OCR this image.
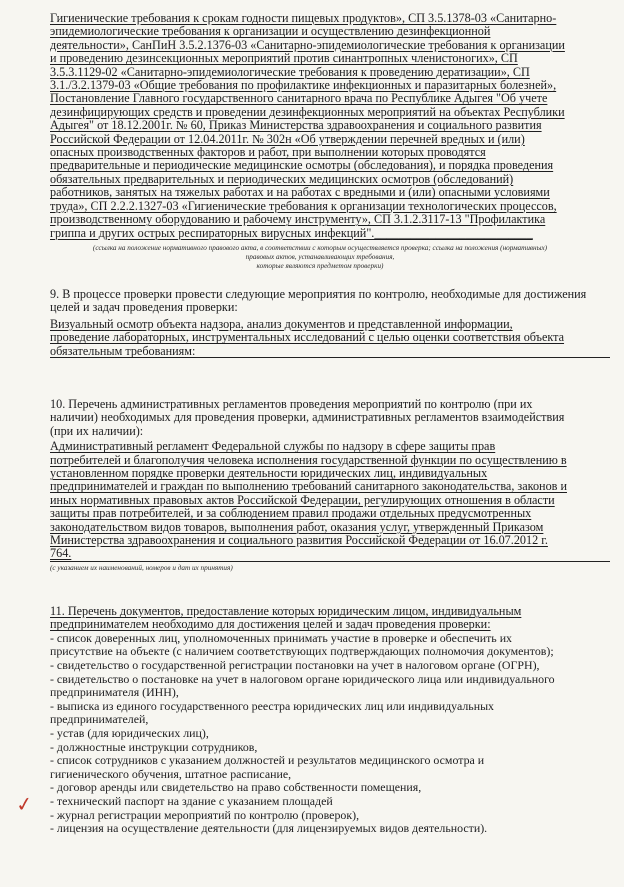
Гигиенические требования к срокам годности пищевых продуктов», СП 3.5.1378-03 «Санитарно-
эпидемиологические требования к организации и осуществлению дезинфекционной
деятельности», СанПиН 3.5.2.1376-03 «Санитарно-эпидемиологические требования к организации
и проведению дезинсекционных мероприятий против синантропных членистоногих», СП
3.5.3.1129-02 «Санитарно-эпидемиологические требования к проведению дератизации», СП
3.1./3.2.1379-03 «Общие требования по профилактике инфекционных и паразитарных болезней»,
Постановление Главного государственного санитарного врача по Республике Адыгея "Об учете
дезинфицирующих средств и проведении дезинфекционных мероприятий на объектах Республики
Адыгея" от 18.12.2001г. № 60, Приказ Министерства здравоохранения и социального развития
Российской Федерации от 12.04.2011г. № 302н «Об утверждении перечней вредных и (или)
опасных производственных факторов и работ, при выполнении которых проводятся
предварительные и периодические медицинские осмотры (обследования), и порядка проведения
обязательных предварительных и периодических медицинских осмотров (обследований)
работников, занятых на тяжелых работах и на работах с вредными и (или) опасными условиями
труда», СП 2.2.2.1327-03 «Гигиенические требования к организации технологических процессов,
производственному оборудованию и рабочему инструменту», СП 3.1.2.3117-13 "Профилактика
гриппа и других острых респираторных вирусных инфекций".__________________________
(ссылка на положение нормативного правового акта, в соответствии с которым осуществляется проверка; ссылка на положения (нормативных)
правовых актов, устанавливающих требования,
которые являются предметом проверки)
9. В процессе проверки провести следующие мероприятия по контролю, необходимые для достижения
целей и задач проведения проверки:
Визуальный осмотр объекта надзора, анализ документов и представленной информации,
проведение лабораторных, инструментальных исследований с целью оценки соответствия объекта
обязательным требованиям:
10. Перечень административных регламентов проведения мероприятий по контролю (при их
наличии) необходимых для проведения проверки, административных регламентов взаимодействия
(при их наличии):
Административный регламент Федеральной службы по надзору в сфере защиты прав
потребителей и благополучия человека исполнения государственной функции по осуществлению в
установленном порядке проверки деятельности юридических лиц, индивидуальных
предпринимателей и граждан по выполнению требований санитарного законодательства, законов и
иных нормативных правовых актов Российской Федерации, регулирующих отношения в области
защиты прав потребителей, и за соблюдением правил продажи отдельных предусмотренных
законодательством видов товаров, выполнения работ, оказания услуг, утвержденный Приказом
Министерства здравоохранения и социального развития Российской Федерации от 16.07.2012 г.
764.
(с указанием их наименований, номеров и дат их принятия)
11. Перечень документов, предоставление которых юридическим лицом, индивидуальным
предпринимателем необходимо для достижения целей и задач проведения проверки:
- список доверенных лиц, уполномоченных принимать участие в проверке и обеспечить их
присутствие на объекте (с наличием соответствующих подтверждающих полномочия документов);
- свидетельство о государственной регистрации постановки на учет в налоговом органе (ОГРН),
- свидетельство о постановке на учет в налоговом органе юридического лица или индивидуального
предпринимателя (ИНН),
- выписка из единого государственного реестра юридических лиц или индивидуальных
предпринимателей,
- устав (для юридических лиц),
- должностные инструкции сотрудников,
- список сотрудников с указанием должностей и результатов медицинского осмотра и
гигиенического обучения, штатное расписание,
- договор аренды или свидетельство на право собственности помещения,
- технический паспорт на здание с указанием площадей
- журнал регистрации мероприятий по контролю (проверок),
- лицензия на осуществление деятельности (для лицензируемых видов деятельности).
✓
